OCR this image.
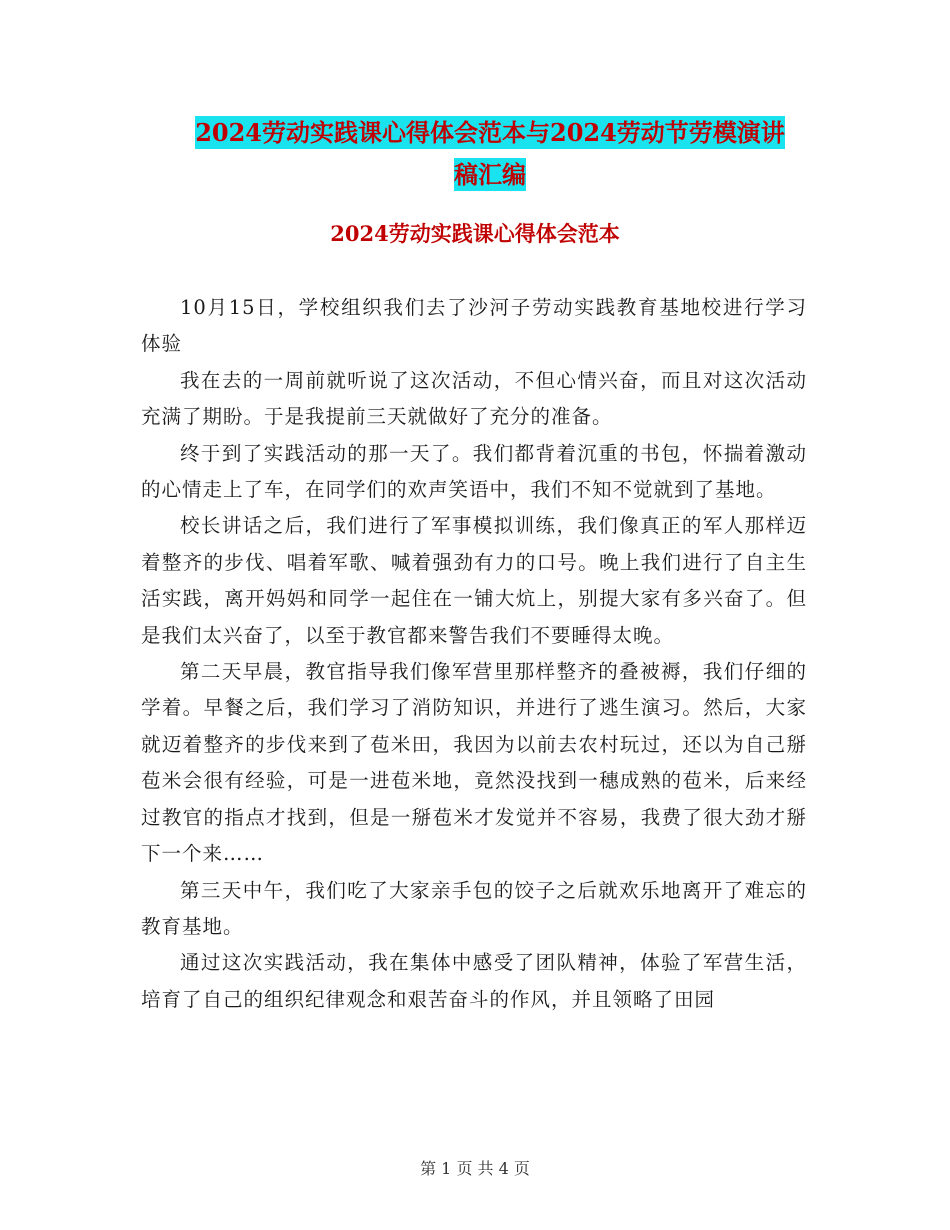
2024劳动实践课心得体会范本与2024劳动节劳模演讲
稿汇编
2024劳动实践课心得体会范本

10月15日，学校组织我们去了沙河子劳动实践教育基地校进行学习体验

我在去的一周前就听说了这次活动，不但心情兴奋，而且对这次活动充满了期盼。于是我提前三天就做好了充分的准备。

终于到了实践活动的那一天了。我们都背着沉重的书包，怀揣着激动的心情走上了车，在同学们的欢声笑语中，我们不知不觉就到了基地。

校长讲话之后，我们进行了军事模拟训练，我们像真正的军人那样迈着整齐的步伐、唱着军歌、喊着强劲有力的口号。晚上我们进行了自主生活实践，离开妈妈和同学一起住在一铺大炕上，别提大家有多兴奋了。但是我们太兴奋了，以至于教官都来警告我们不要睡得太晚。

第二天早晨，教官指导我们像军营里那样整齐的叠被褥，我们仔细的学着。早餐之后，我们学习了消防知识，并进行了逃生演习。然后，大家就迈着整齐的步伐来到了苞米田，我因为以前去农村玩过，还以为自己掰苞米会很有经验，可是一进苞米地，竟然没找到一穗成熟的苞米，后来经过教官的指点才找到，但是一掰苞米才发觉并不容易，我费了很大劲才掰下一个来……

第三天中午，我们吃了大家亲手包的饺子之后就欢乐地离开了难忘的教育基地。

通过这次实践活动，我在集体中感受了团队精神，体验了军营生活，培育了自己的组织纪律观念和艰苦奋斗的作风，并且领略了田园

第 1 页 共 4 页
